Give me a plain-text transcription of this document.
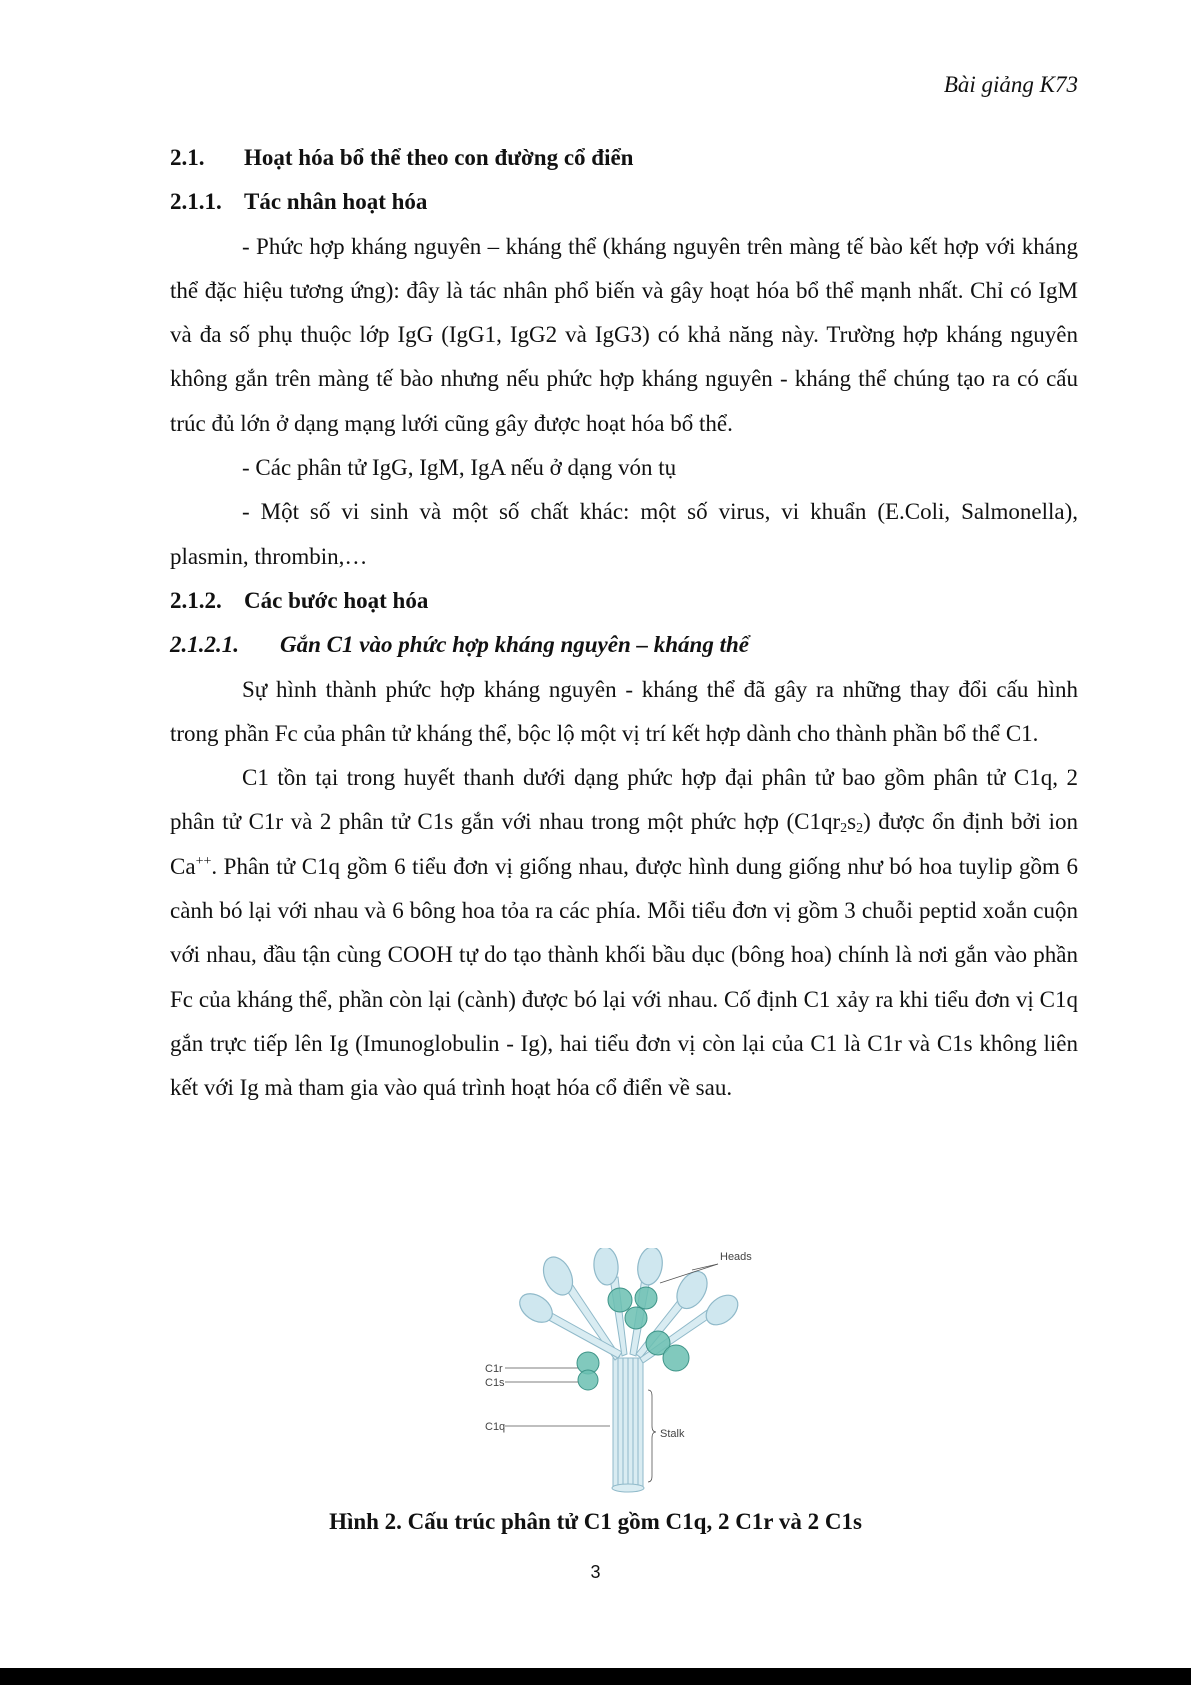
Bài giảng K73

2.1. Hoạt hóa bổ thể theo con đường cổ điển

2.1.1. Tác nhân hoạt hóa

- Phức hợp kháng nguyên – kháng thể (kháng nguyên trên màng tế bào kết hợp với kháng thể đặc hiệu tương ứng): đây là tác nhân phổ biến và gây hoạt hóa bổ thể mạnh nhất. Chỉ có IgM và đa số phụ thuộc lớp IgG (IgG1, IgG2 và IgG3) có khả năng này. Trường hợp kháng nguyên không gắn trên màng tế bào nhưng nếu phức hợp kháng nguyên - kháng thể chúng tạo ra có cấu trúc đủ lớn ở dạng mạng lưới cũng gây được hoạt hóa bổ thể.

- Các phân tử IgG, IgM, IgA nếu ở dạng vón tụ

- Một số vi sinh và một số chất khác: một số virus, vi khuẩn (E.Coli, Salmonella), plasmin, thrombin,…

2.1.2. Các bước hoạt hóa

2.1.2.1. Gắn C1 vào phức hợp kháng nguyên – kháng thể

Sự hình thành phức hợp kháng nguyên - kháng thể đã gây ra những thay đổi cấu hình trong phần Fc của phân tử kháng thể, bộc lộ một vị trí kết hợp dành cho thành phần bổ thể C1.

C1 tồn tại trong huyết thanh dưới dạng phức hợp đại phân tử bao gồm phân tử C1q, 2 phân tử C1r và 2 phân tử C1s gắn với nhau trong một phức hợp $(C1qr_2s_2)$ được ổn định bởi ion Ca++. Phân tử C1q gồm 6 tiểu đơn vị giống nhau, được hình dung giống như bó hoa tuylip gồm 6 cành bó lại với nhau và 6 bông hoa tỏa ra các phía. Mỗi tiểu đơn vị gồm 3 chuỗi peptid xoắn cuộn với nhau, đầu tận cùng COOH tự do tạo thành khối bầu dục (bông hoa) chính là nơi gắn vào phần Fc của kháng thể, phần còn lại (cành) được bó lại với nhau. Cố định C1 xảy ra khi tiểu đơn vị C1q gắn trực tiếp lên Ig (Imunoglobulin - Ig), hai tiểu đơn vị còn lại của C1 là C1r và C1s không liên kết với Ig mà tham gia vào quá trình hoạt hóa cổ điển về sau.

Heads
C1r
C1s
C1q
Stalk
Hình 2. Cấu trúc phân tử C1 gồm C1q, 2 C1r và 2 C1s
3
